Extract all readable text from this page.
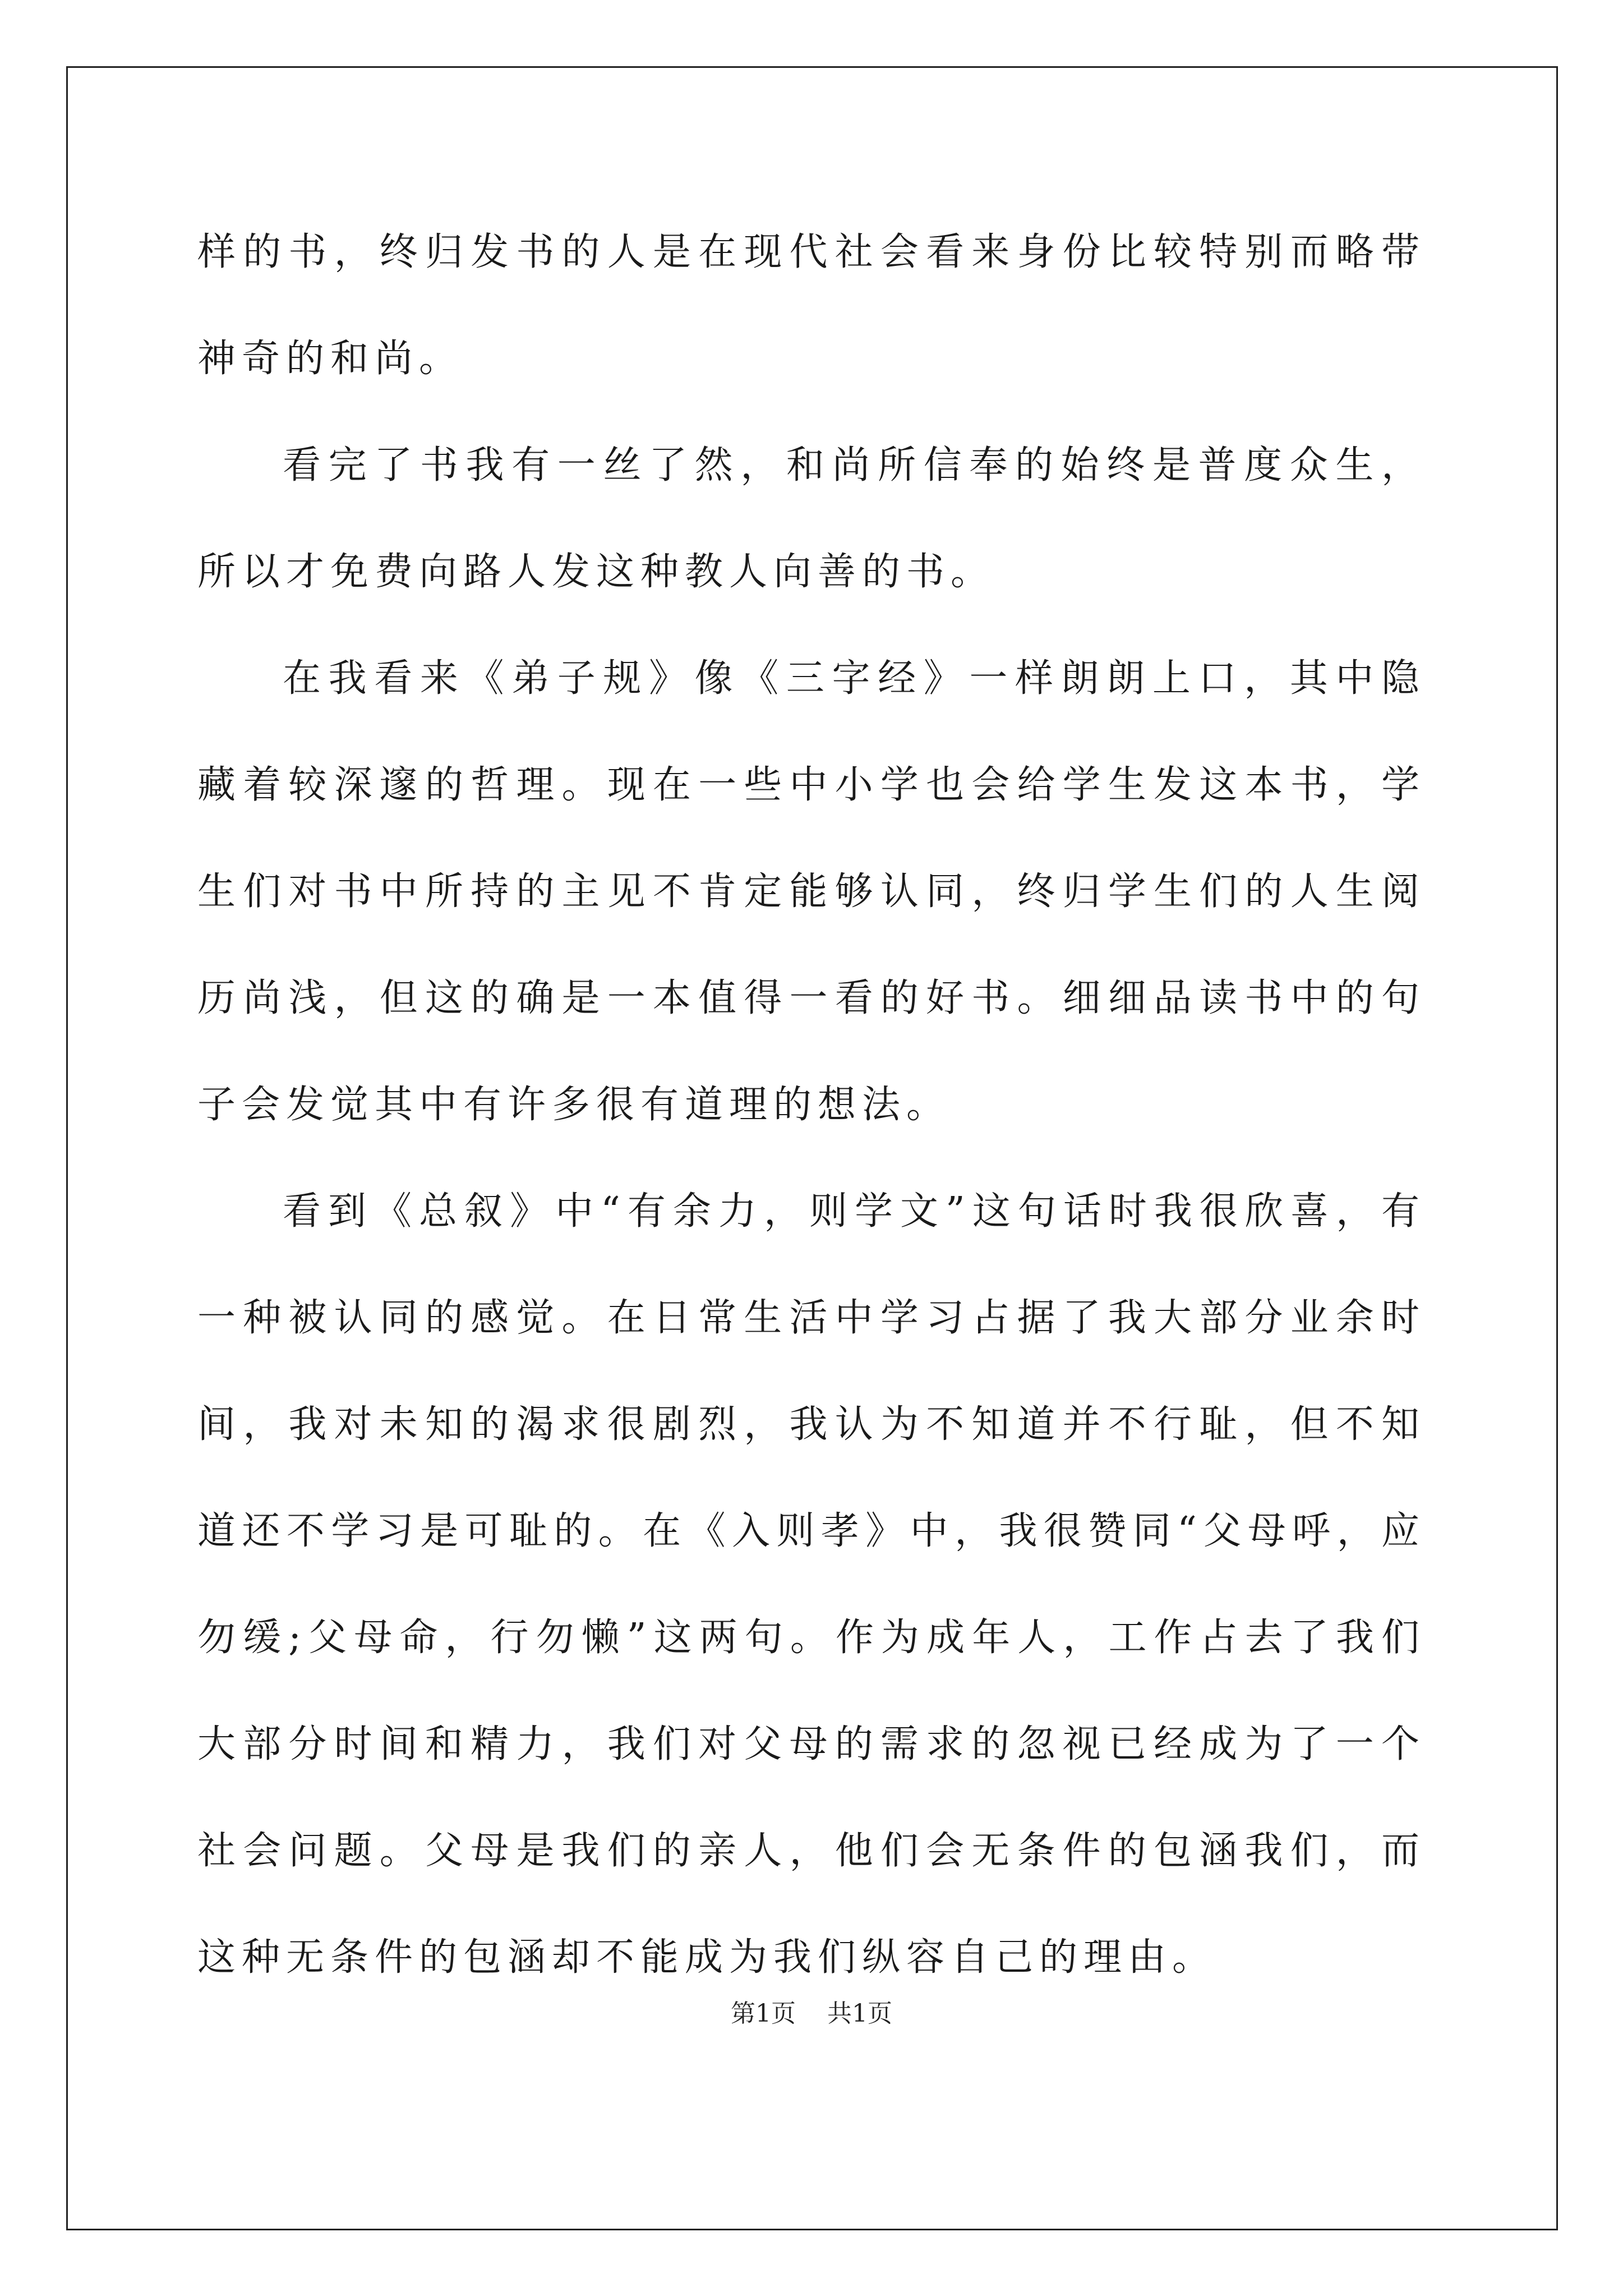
样的书，终归发书的人是在现代社会看来身份比较特别而略带神奇的和尚。

看完了书我有一丝了然，和尚所信奉的始终是普度众生，所以才免费向路人发这种教人向善的书。

在我看来《弟子规》像《三字经》一样朗朗上口，其中隐藏着较深邃的哲理。现在一些中小学也会给学生发这本书，学生们对书中所持的主见不肯定能够认同，终归学生们的人生阅历尚浅，但这的确是一本值得一看的好书。细细品读书中的句子会发觉其中有许多很有道理的想法。

看到《总叙》中“有余力，则学文”这句话时我很欣喜，有一种被认同的感觉。在日常生活中学习占据了我大部分业余时间，我对未知的渴求很剧烈，我认为不知道并不行耻，但不知道还不学习是可耻的。在《入则孝》中，我很赞同“父母呼，应勿缓;父母命，行勿懒”这两句。作为成年人，工作占去了我们大部分时间和精力，我们对父母的需求的忽视已经成为了一个社会问题。父母是我们的亲人，他们会无条件的包涵我们，而这种无条件的包涵却不能成为我们纵容自己的理由。

第1页 共1页
